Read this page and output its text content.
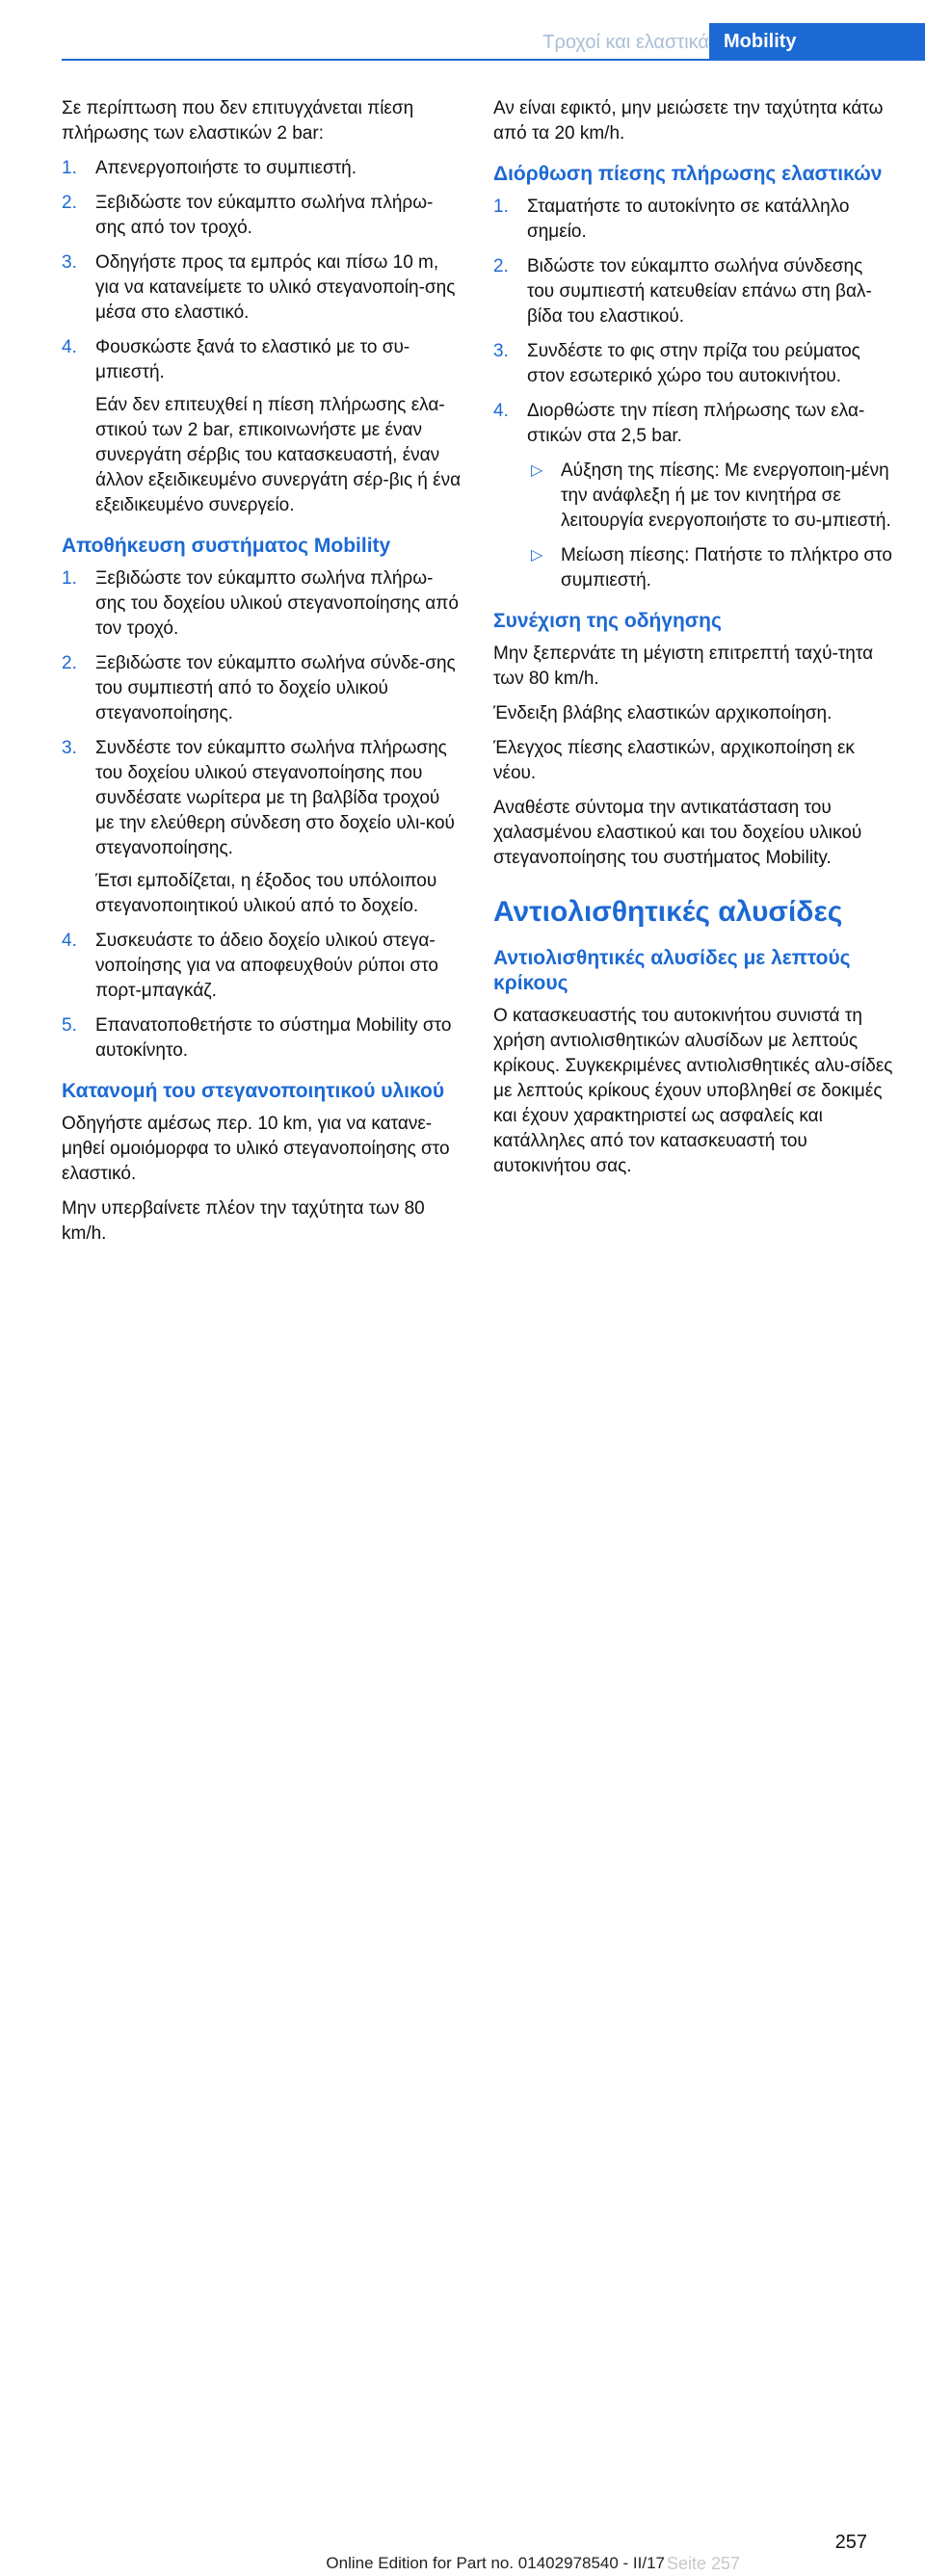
Τροχοί και ελαστικά Mobility

Σε περίπτωση που δεν επιτυγχάνεται πίεση πλήρωσης των ελαστικών 2 bar:

1. Απενεργοποιήστε το συμπιεστή.
2. Ξεβιδώστε τον εύκαμπτο σωλήνα πλήρω‐σης από τον τροχό.
3. Οδηγήστε προς τα εμπρός και πίσω 10 m, για να κατανείμετε το υλικό στεγανοποίη‐σης μέσα στο ελαστικό.
4. Φουσκώστε ξανά το ελαστικό με το συ‐μπιεστή.
Εάν δεν επιτευχθεί η πίεση πλήρωσης ελα‐στικού των 2 bar, επικοινωνήστε με έναν συνεργάτη σέρβις του κατασκευαστή, έναν άλλον εξειδικευμένο συνεργάτη σέρ‐βις ή ένα εξειδικευμένο συνεργείο.
Αποθήκευση συστήματος Mobility
1. Ξεβιδώστε τον εύκαμπτο σωλήνα πλήρω‐σης του δοχείου υλικού στεγανοποίησης από τον τροχό.
2. Ξεβιδώστε τον εύκαμπτο σωλήνα σύνδε‐σης του συμπιεστή από το δοχείο υλικού στεγανοποίησης.
3. Συνδέστε τον εύκαμπτο σωλήνα πλήρωσης του δοχείου υλικού στεγανοποίησης που συνδέσατε νωρίτερα με τη βαλβίδα τροχού με την ελεύθερη σύνδεση στο δοχείο υλι‐κού στεγανοποίησης.
Έτσι εμποδίζεται, η έξοδος του υπόλοιπου στεγανοποιητικού υλικού από το δοχείο.
4. Συσκευάστε το άδειο δοχείο υλικού στεγα‐νοποίησης για να αποφευχθούν ρύποι στο πορτ-μπαγκάζ.
5. Επανατοποθετήστε το σύστημα Mobility στο αυτοκίνητο.
Κατανομή του στεγανοποιητικού υλικού

Οδηγήστε αμέσως περ. 10 km, για να κατανε‐μηθεί ομοιόμορφα το υλικό στεγανοποίησης στο ελαστικό.

Μην υπερβαίνετε πλέον την ταχύτητα των 80 km/h.

Αν είναι εφικτό, μην μειώσετε την ταχύτητα κάτω από τα 20 km/h.

Διόρθωση πίεσης πλήρωσης ελαστικών
1. Σταματήστε το αυτοκίνητο σε κατάλληλο σημείο.
2. Βιδώστε τον εύκαμπτο σωλήνα σύνδεσης του συμπιεστή κατευθείαν επάνω στη βαλ‐βίδα του ελαστικού.
3. Συνδέστε το φις στην πρίζα του ρεύματος στον εσωτερικό χώρο του αυτοκινήτου.
4. Διορθώστε την πίεση πλήρωσης των ελα‐στικών στα 2,5 bar.
▷ Αύξηση της πίεσης: Με ενεργοποιη‐μένη την ανάφλεξη ή με τον κινητήρα σε λειτουργία ενεργοποιήστε το συ‐μπιεστή.
▷ Μείωση πίεσης: Πατήστε το πλήκτρο στο συμπιεστή.
Συνέχιση της οδήγησης

Μην ξεπερνάτε τη μέγιστη επιτρεπτή ταχύ‐τητα των 80 km/h.

Ένδειξη βλάβης ελαστικών αρχικοποίηση.

Έλεγχος πίεσης ελαστικών, αρχικοποίηση εκ νέου.

Αναθέστε σύντομα την αντικατάσταση του χαλασμένου ελαστικού και του δοχείου υλικού στεγανοποίησης του συστήματος Mobility.

Αντιολισθητικές αλυσίδες
Αντιολισθητικές αλυσίδες με λεπτούς κρίκους

Ο κατασκευαστής του αυτοκινήτου συνιστά τη χρήση αντιολισθητικών αλυσίδων με λεπτούς κρίκους. Συγκεκριμένες αντιολισθητικές αλυ‐σίδες με λεπτούς κρίκους έχουν υποβληθεί σε δοκιμές και έχουν χαρακτηριστεί ως ασφαλείς και κατάλληλες από τον κατασκευαστή του αυτοκινήτου σας.

257
Online Edition for Part no. 01402978540 - II/17 Seite 257
